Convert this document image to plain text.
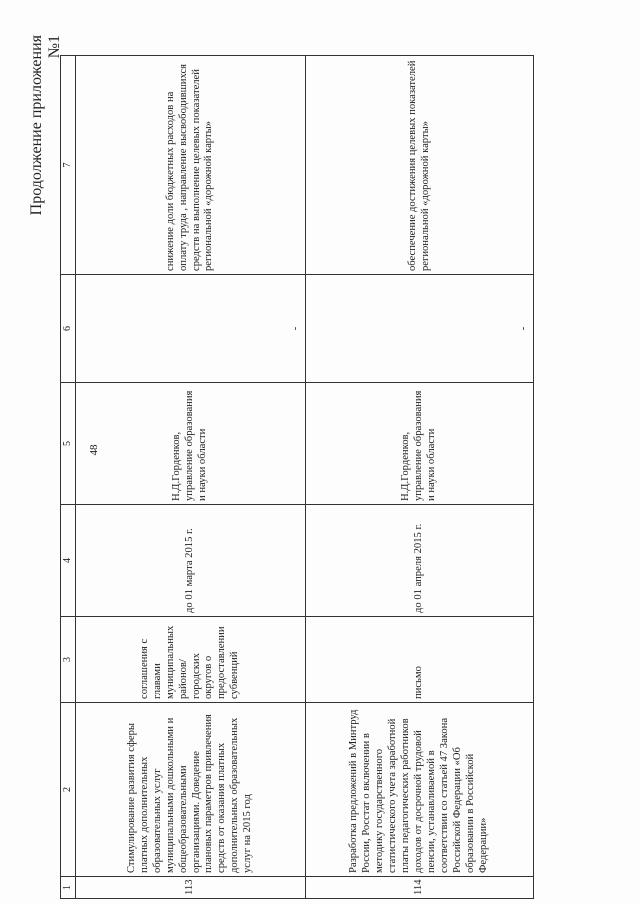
Продолжение приложения №1
48
1	2	3	4	5	6	7
113	Стимулирование развития сферы платных дополнительных образовательных услуг муниципальными дошкольными и общеобразовательными организациями. Доведение плановых параметров привлечения средств от оказания платных дополнительных образовательных услуг на 2015 год	соглашения с главами муниципальных районов/городских округов о предоставлении субвенций	до 01 марта 2015 г.	Н.Д.Горденков, управление образования и науки области	-	снижение доли бюджетных расходов на оплату труда , направление высвободившихся средств на выполнение целевых показателей региональной «дорожной карты»
114	Разработка предложений в Минтруд России, Росстат о включении в методику государственного статистического учета заработной платы педагогических работников доходов от досрочной трудовой пенсии, устанавливаемой в соответствии со статьей 47 Закона Российской Федерации «Об образовании в Российской Федерации»	письмо	до 01 апреля 2015 г.	Н.Д.Горденков, управление образования и науки области	-	обеспечение достижения целевых показателей региональной «дорожной карты»
